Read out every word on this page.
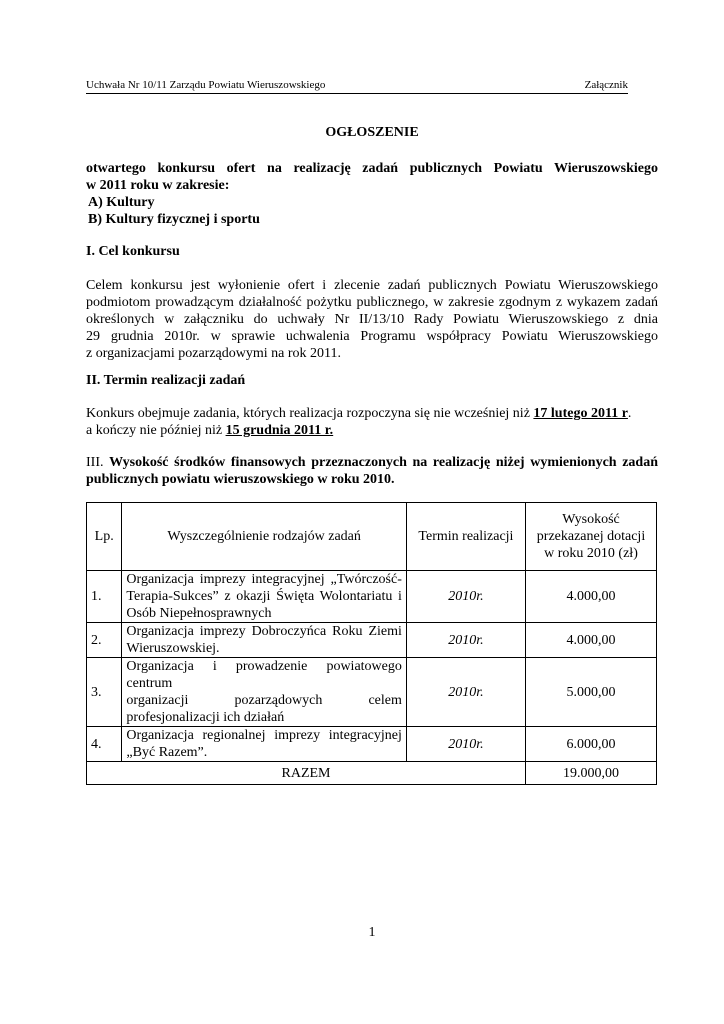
Uchwała Nr 10/11 Zarządu Powiatu Wieruszowskiego	Załącznik
OGŁOSZENIE
otwartego konkursu ofert na realizację zadań publicznych Powiatu Wieruszowskiego
w 2011 roku w zakresie:
A) Kultury
B) Kultury fizycznej i sportu
I. Cel konkursu
Celem konkursu jest wyłonienie ofert i zlecenie zadań publicznych Powiatu Wieruszowskiego
podmiotom prowadzącym działalność pożytku publicznego, w zakresie zgodnym z wykazem zadań
określonych w załączniku do uchwały Nr II/13/10 Rady Powiatu Wieruszowskiego z dnia
29 grudnia 2010r. w sprawie uchwalenia Programu współpracy Powiatu Wieruszowskiego
z organizacjami pozarządowymi na rok 2011.
II. Termin realizacji zadań
Konkurs obejmuje zadania, których realizacja rozpoczyna się nie wcześniej niż 17 lutego 2011 r.
a kończy nie później niż 15 grudnia 2011 r.
III. Wysokość środków finansowych przeznaczonych na realizację niżej wymienionych zadań
publicznych powiatu wieruszowskiego w roku 2010.
Lp.	Wyszczególnienie rodzajów zadań	Termin realizacji	Wysokość przekazanej dotacji w roku 2010 (zł)
1.	Organizacja imprezy integracyjnej „Twórczość-
Terapia-Sukces” z okazji Święta Wolontariatu i
Osób Niepełnosprawnych	2010r.	4.000,00
2.	Organizacja imprezy Dobroczyńca Roku Ziemi
Wieruszowskiej.	2010r.	4.000,00
3.	Organizacja i prowadzenie powiatowego centrum
organizacji pozarządowych celem
profesjonalizacji ich działań	2010r.	5.000,00
4.	Organizacja regionalnej imprezy integracyjnej
„Być Razem”.	2010r.	6.000,00
RAZEM			19.000,00
1
